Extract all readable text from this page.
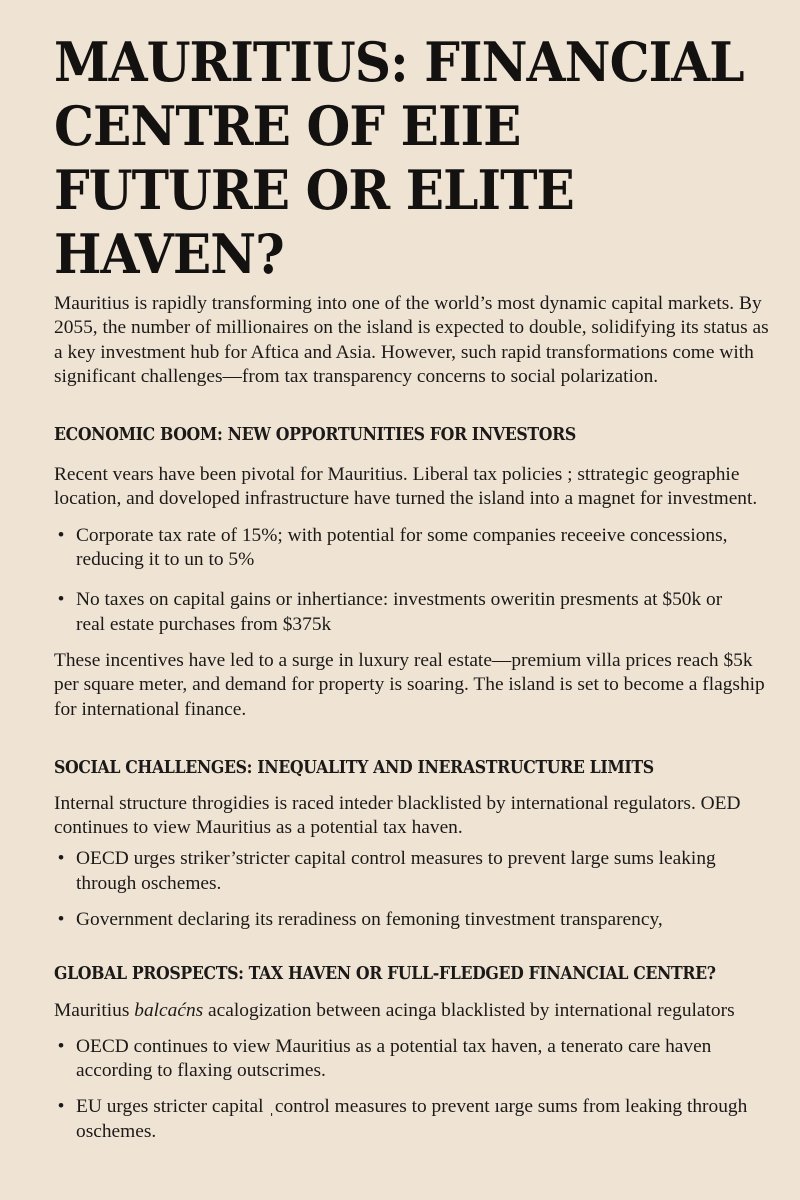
MAURITIUS: FINANCIAL CENTRE OF EIIE FUTURE OR ELITE HAVEN?

Mauritius is rapidly transforming into one of the world’s most dynamic capital markets. By 2055, the number of millionaires on the island is expected to double, solidifying its status as a key investment hub for Aftica and Asia. However, such rapid transformations come with significant challenges—from tax transparency concerns to social polarization.

ECONOMIC BOOM: NEW OPPORTUNITIES FOR INVESTORS

Recent vears have been pivotal for Mauritius. Liberal tax policies ; sttrategic geographie location, and doveloped infrastructure have turned the island into a magnet for investment.

• Corporate tax rate of 15%; with potential for some companies receeive concessions, reducing it to un to 5%
• No taxes on capital gains or inhertiance: investments oweritin presments at $50k or real estate purchases from $375k

These incentives have led to a surge in luxury real estate—premium villa prices reach $5k per square meter, and demand for property is soaring. The island is set to become a flagship for international finance.

SOCIAL CHALLENGES: INEQUALITY AND INERASTRUCTURE LIMITS

Internal structure throgidies is raced inteder blacklisted by international regulators. OED continues to view Mauritius as a potential tax haven.

• OECD urges striker’stricter capital control measures to prevent large sums leaking through oschemes.
• Government declaring its reradiness on femoning tinvestment transparency,
GLOBAL PROSPECTS: TAX HAVEN OR FULL-FLEDGED FINANCIAL CENTRE?

Mauritius balcaćns acalogization between acinga blacklisted by international regulators

• OECD continues to view Mauritius as a potential tax haven, a tenerato care haven according to flaxing outscrimes.
• EU urges stricter capital ˌcontrol measures to prevent ıarge sums from leaking through oschemes.
